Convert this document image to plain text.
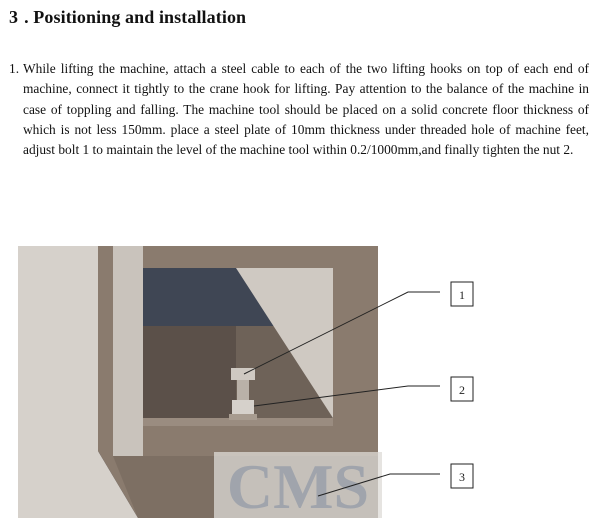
3 . Positioning and installation

1. While lifting the machine, attach a steel cable to each of the two lifting hooks on top of each end of machine, connect it tightly to the crane hook for lifting. Pay attention to the balance of the machine in case of toppling and falling. The machine tool should be placed on a solid concrete floor thickness of which is not less 150mm. place a steel plate of 10mm thickness under threaded hole of machine feet, adjust bolt 1 to maintain the level of the machine tool within 0.2/1000mm,and finally tighten the nut 2.

CMS
1
2
3
